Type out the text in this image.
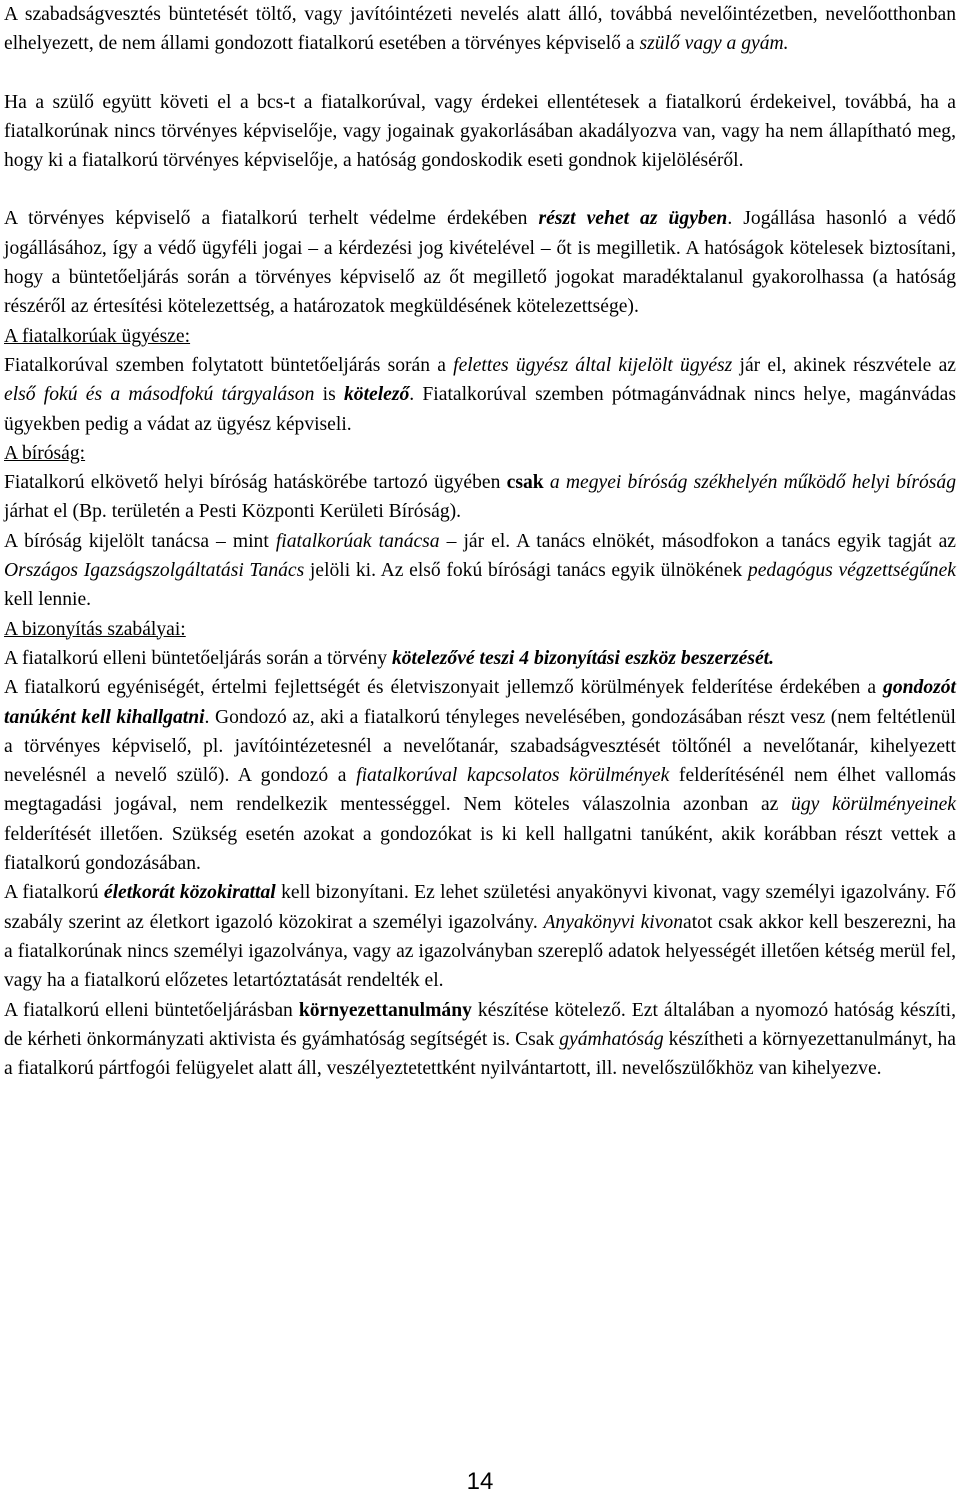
A szabadságvesztés büntetését töltő, vagy javítóintézeti nevelés alatt álló, továbbá nevelőintézetben, nevelőotthonban elhelyezett, de nem állami gondozott fiatalkorú esetében a törvényes képviselő a szülő vagy a gyám.

Ha a szülő együtt követi el a bcs-t a fiatalkorúval, vagy érdekei ellentétesek a fiatalkorú érdekeivel, továbbá, ha a fiatalkorúnak nincs törvényes képviselője, vagy jogainak gyakorlásában akadályozva van, vagy ha nem állapítható meg, hogy ki a fiatalkorú törvényes képviselője, a hatóság gondoskodik eseti gondnok kijelöléséről.

A törvényes képviselő a fiatalkorú terhelt védelme érdekében részt vehet az ügyben. Jogállása hasonló a védő jogállásához, így a védő ügyféli jogai – a kérdezési jog kivételével – őt is megilletik. A hatóságok kötelesek biztosítani, hogy a büntetőeljárás során a törvényes képviselő az őt megillető jogokat maradéktalanul gyakorolhassa (a hatóság részéről az értesítési kötelezettség, a határozatok megküldésének kötelezettsége).

A fiatalkorúak ügyésze:

Fiatalkorúval szemben folytatott büntetőeljárás során a felettes ügyész által kijelölt ügyész jár el, akinek részvétele az első fokú és a másodfokú tárgyaláson is kötelező. Fiatalkorúval szemben pótmagánvádnak nincs helye, magánvádas ügyekben pedig a vádat az ügyész képviseli.

A bíróság:

Fiatalkorú elkövető helyi bíróság hatáskörébe tartozó ügyében csak a megyei bíróság székhelyén működő helyi bíróság járhat el (Bp. területén a Pesti Központi Kerületi Bíróság).

A bíróság kijelölt tanácsa – mint fiatalkorúak tanácsa – jár el. A tanács elnökét, másodfokon a tanács egyik tagját az Országos Igazságszolgáltatási Tanács jelöli ki. Az első fokú bírósági tanács egyik ülnökének pedagógus végzettségűnek kell lennie.

A bizonyítás szabályai:

A fiatalkorú elleni büntetőeljárás során a törvény kötelezővé teszi 4 bizonyítási eszköz beszerzését.

A fiatalkorú egyéniségét, értelmi fejlettségét és életviszonyait jellemző körülmények felderítése érdekében a gondozót tanúként kell kihallgatni. Gondozó az, aki a fiatalkorú tényleges nevelésében, gondozásában részt vesz (nem feltétlenül a törvényes képviselő, pl. javítóintézetesnél a nevelőtanár, szabadságvesztését töltőnél a nevelőtanár, kihelyezett nevelésnél a nevelő szülő). A gondozó a fiatalkorúval kapcsolatos körülmények felderítésénél nem élhet vallomás megtagadási jogával, nem rendelkezik mentességgel. Nem köteles válaszolnia azonban az ügy körülményeinek felderítését illetően. Szükség esetén azokat a gondozókat is ki kell hallgatni tanúként, akik korábban részt vettek a fiatalkorú gondozásában.

A fiatalkorú életkorát közokirattal kell bizonyítani. Ez lehet születési anyakönyvi kivonat, vagy személyi igazolvány. Fő szabály szerint az életkort igazoló közokirat a személyi igazolvány. Anyakönyvi kivonatot csak akkor kell beszerezni, ha a fiatalkorúnak nincs személyi igazolványa, vagy az igazolványban szereplő adatok helyességét illetően kétség merül fel, vagy ha a fiatalkorú előzetes letartóztatását rendelték el.

A fiatalkorú elleni büntetőeljárásban környezettanulmány készítése kötelező. Ezt általában a nyomozó hatóság készíti, de kérheti önkormányzati aktivista és gyámhatóság segítségét is. Csak gyámhatóság készítheti a környezettanulmányt, ha a fiatalkorú pártfogói felügyelet alatt áll, veszélyeztetettként nyilvántartott, ill. nevelőszülőkhöz van kihelyezve.

14
